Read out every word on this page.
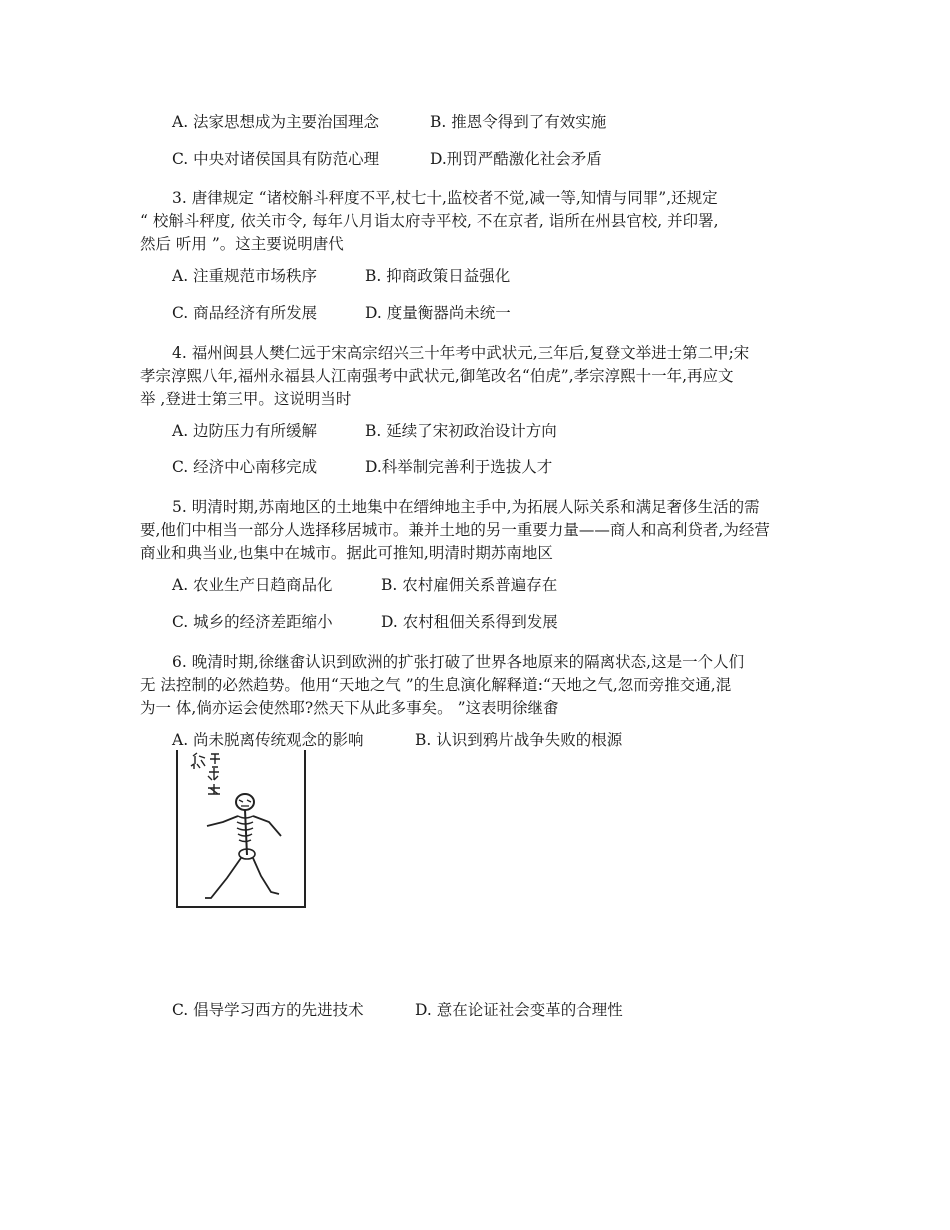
A. 法家思想成为主要治国理念	B. 推恩令得到了有效实施
C. 中央对诸侯国具有防范心理	D.刑罚严酷激化社会矛盾
3. 唐律规定 “诸校斛斗秤度不平,杖七十,监校者不觉,减一等,知情与同罪”,还规定
“ 校斛斗秤度, 依关市令, 每年八月诣太府寺平校, 不在京者, 诣所在州县官校, 并印署,
然后 听用 ”。这主要说明唐代
A. 注重规范市场秩序	B. 抑商政策日益强化
C. 商品经济有所发展	D. 度量衡器尚未统一
4. 福州闽县人樊仁远于宋高宗绍兴三十年考中武状元,三年后,复登文举进士第二甲;宋
孝宗淳熙八年,福州永福县人江南强考中武状元,御笔改名“伯虎”,孝宗淳熙十一年,再应文
举 ,登进士第三甲。这说明当时
A. 边防压力有所缓解	B. 延续了宋初政治设计方向
C. 经济中心南移完成	D.科举制完善利于选拔人才
5. 明清时期,苏南地区的土地集中在缙绅地主手中,为拓展人际关系和满足奢侈生活的需
要,他们中相当一部分人选择移居城市。兼并土地的另一重要力量——商人和高利贷者,为经营
商业和典当业,也集中在城市。据此可推知,明清时期苏南地区
A. 农业生产日趋商品化	B. 农村雇佣关系普遍存在
C. 城乡的经济差距缩小	D. 农村租佃关系得到发展
6. 晚清时期,徐继畬认识到欧洲的扩张打破了世界各地原来的隔离状态,这是一个人们
无 法控制的必然趋势。他用“天地之气 ”的生息演化解释道:“天地之气,忽而旁推交通,混
为一 体,倘亦运会使然耶?然天下从此多事矣。 ”这表明徐继畬
A. 尚未脱离传统观念的影响	B. 认识到鸦片战争失败的根源
C. 倡导学习西方的先进技术	D. 意在论证社会变革的合理性
